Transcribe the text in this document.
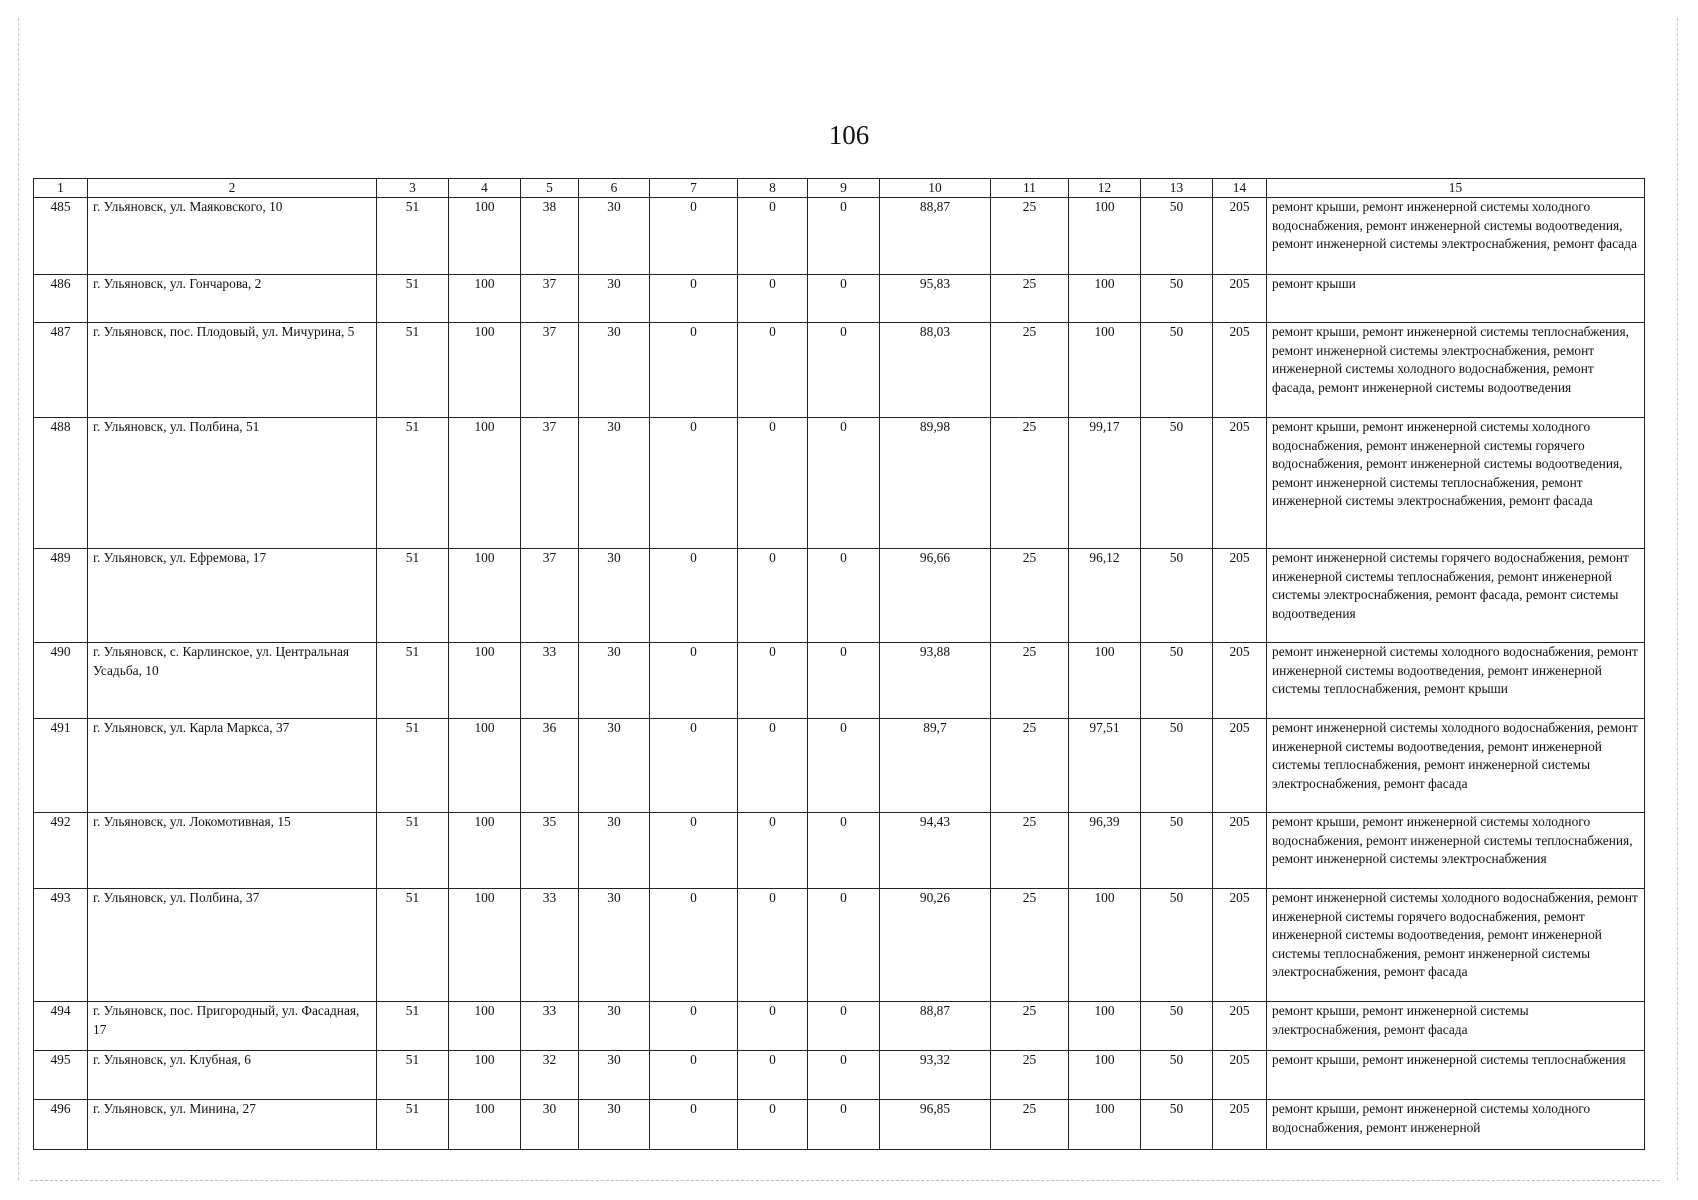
106
1	2	3	4	5	6	7	8	9	10	11	12	13	14	15
485	г. Ульяновск, ул. Маяковского, 10	51	100	38	30	0	0	0	88,87	25	100	50	205	ремонт крыши, ремонт инженерной системы холодного водоснабжения, ремонт инженерной системы водоотведения, ремонт инженерной системы электроснабжения, ремонт фасада
486	г. Ульяновск, ул. Гончарова, 2	51	100	37	30	0	0	0	95,83	25	100	50	205	ремонт крыши
487	г. Ульяновск, пос. Плодовый, ул. Мичурина, 5	51	100	37	30	0	0	0	88,03	25	100	50	205	ремонт крыши, ремонт инженерной системы теплоснабжения, ремонт инженерной системы электроснабжения, ремонт инженерной системы холодного водоснабжения, ремонт фасада, ремонт инженерной системы водоотведения
488	г. Ульяновск, ул. Полбина, 51	51	100	37	30	0	0	0	89,98	25	99,17	50	205	ремонт крыши, ремонт инженерной системы холодного водоснабжения, ремонт инженерной системы горячего водоснабжения, ремонт инженерной системы водоотведения, ремонт инженерной системы теплоснабжения, ремонт инженерной системы электроснабжения, ремонт фасада
489	г. Ульяновск, ул. Ефремова, 17	51	100	37	30	0	0	0	96,66	25	96,12	50	205	ремонт инженерной системы горячего водоснабжения, ремонт инженерной системы теплоснабжения, ремонт инженерной системы электроснабжения, ремонт фасада, ремонт системы водоотведения
490	г. Ульяновск, с. Карлинское, ул. Центральная Усадьба, 10	51	100	33	30	0	0	0	93,88	25	100	50	205	ремонт инженерной системы холодного водоснабжения, ремонт инженерной системы водоотведения, ремонт инженерной системы теплоснабжения, ремонт крыши
491	г. Ульяновск, ул. Карла Маркса, 37	51	100	36	30	0	0	0	89,7	25	97,51	50	205	ремонт инженерной системы холодного водоснабжения, ремонт инженерной системы водоотведения, ремонт инженерной системы теплоснабжения, ремонт инженерной системы электроснабжения, ремонт фасада
492	г. Ульяновск, ул. Локомотивная, 15	51	100	35	30	0	0	0	94,43	25	96,39	50	205	ремонт крыши, ремонт инженерной системы холодного водоснабжения, ремонт инженерной системы теплоснабжения, ремонт инженерной системы электроснабжения
493	г. Ульяновск, ул. Полбина, 37	51	100	33	30	0	0	0	90,26	25	100	50	205	ремонт инженерной системы холодного водоснабжения, ремонт инженерной системы горячего водоснабжения, ремонт инженерной системы водоотведения, ремонт инженерной системы теплоснабжения, ремонт инженерной системы электроснабжения, ремонт фасада
494	г. Ульяновск, пос. Пригородный, ул. Фасадная, 17	51	100	33	30	0	0	0	88,87	25	100	50	205	ремонт крыши, ремонт инженерной системы электроснабжения, ремонт фасада
495	г. Ульяновск, ул. Клубная, 6	51	100	32	30	0	0	0	93,32	25	100	50	205	ремонт крыши, ремонт инженерной системы теплоснабжения
496	г. Ульяновск, ул. Минина, 27	51	100	30	30	0	0	0	96,85	25	100	50	205	ремонт крыши, ремонт инженерной системы холодного водоснабжения, ремонт инженерной
